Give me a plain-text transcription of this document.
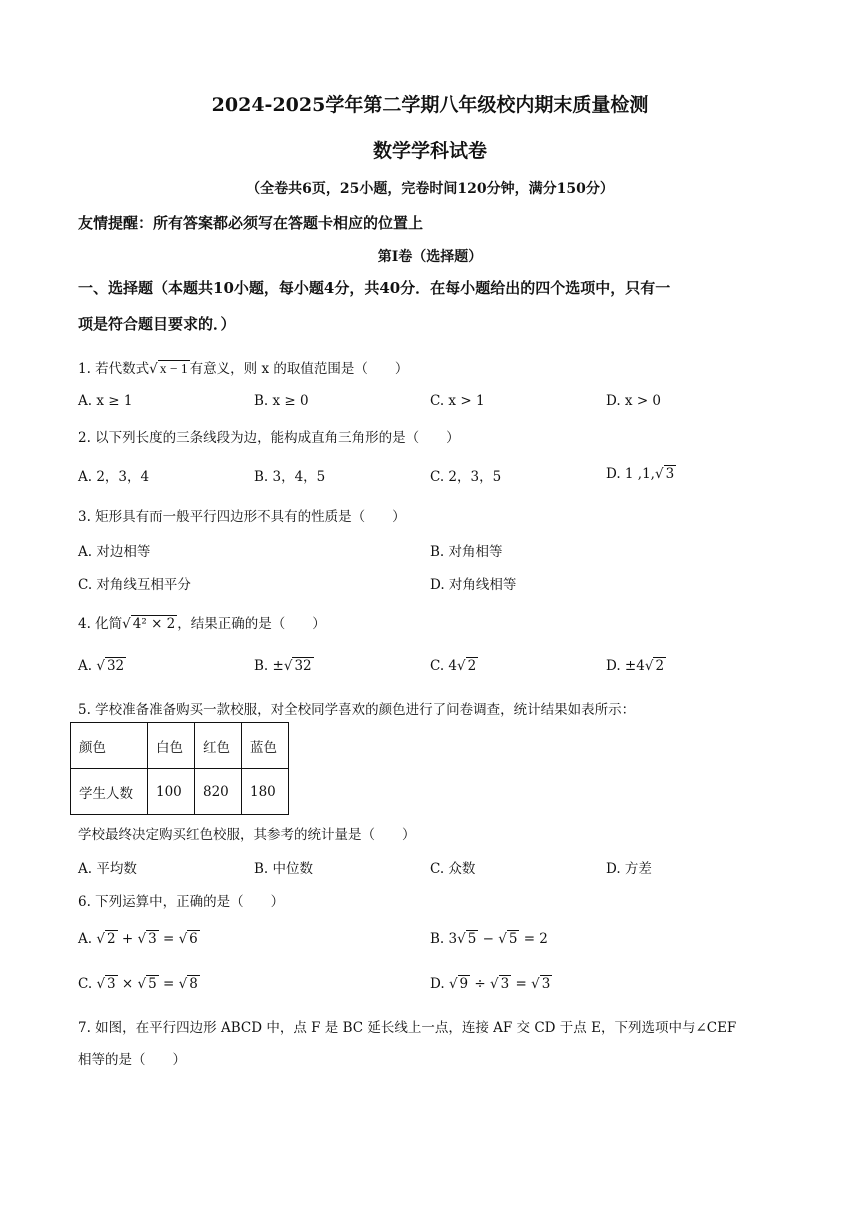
2024-2025学年第二学期八年级校内期末质量检测
数学学科试卷
（全卷共6页，25小题，完卷时间120分钟，满分150分）
友情提醒：所有答案都必须写在答题卡相应的位置上
第Ⅰ卷（选择题）
一、选择题（本题共10小题，每小题4分，共40分．在每小题给出的四个选项中，只有一
项是符合题目要求的．）
1. 若代数式√ x − 1 有意义，则 x 的取值范围是（　　）
A. x ≥ 1	B. x ≥ 0	C. x > 1	D. x > 0
2. 以下列长度的三条线段为边，能构成直角三角形的是（　　）
A. 2，3，4	B. 3，4，5	C. 2，3，5	D. 1 ,1,√ 3
3. 矩形具有而一般平行四边形不具有的性质是（　　）
A. 对边相等	B. 对角相等
C. 对角线互相平分	D. 对角线相等
4. 化简√ 4² × 2 ，结果正确的是（　　）
A. √ 32	B. ±√ 32	C. 4√ 2	D. ±4√ 2
5. 学校准备准备购买一款校服，对全校同学喜欢的颜色进行了问卷调查，统计结果如表所示：
颜色	白色	红色	蓝色
学生人数	100	820	180
学校最终决定购买红色校服，其参考的统计量是（　　）
A. 平均数	B. 中位数	C. 众数	D. 方差
6. 下列运算中，正确的是（　　）
A. √ 2 + √ 3 = √ 6	B. 3√ 5 − √ 5 = 2
C. √ 3 × √ 5 = √ 8	D. √ 9 ÷ √ 3 = √ 3
7. 如图，在平行四边形 ABCD 中，点 F 是 BC 延长线上一点，连接 AF 交 CD 于点 E，下列选项中与∠CEF
相等的是（　　）
